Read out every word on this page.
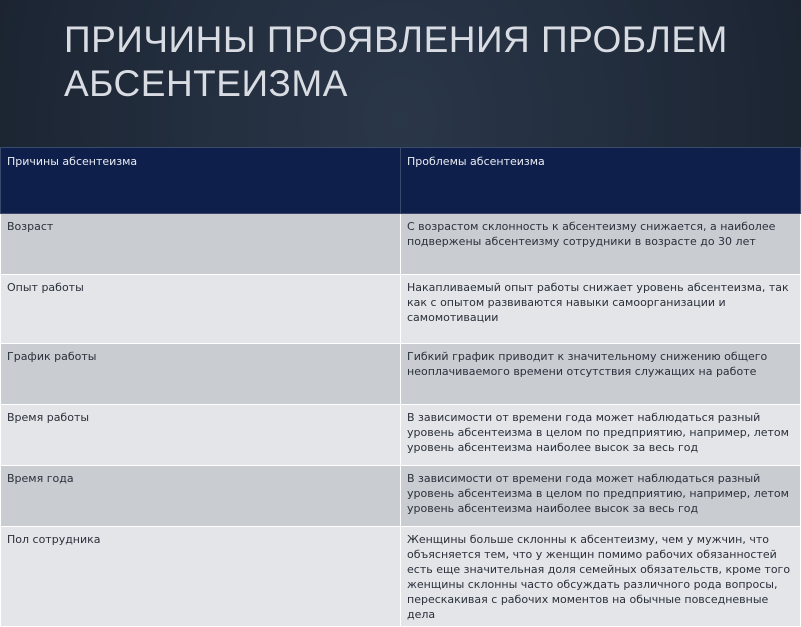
ПРИЧИНЫ ПРОЯВЛЕНИЯ ПРОБЛЕМ
АБСЕНТЕИЗМА
Причины абсентеизма	Проблемы абсентеизма
Возраст	С возрастом склонность к абсентеизму снижается, а наиболее подвержены абсентеизму сотрудники в возрасте до 30 лет
Опыт работы	Накапливаемый опыт работы снижает уровень абсентеизма, так как с опытом развиваются навыки самоорганизации и самомотивации
График работы	Гибкий график приводит к значительному снижению общего неоплачиваемого времени отсутствия служащих на работе
Время работы	В зависимости от времени года может наблюдаться разный уровень абсентеизма в целом по предприятию, например, летом уровень абсентеизма наиболее высок за весь год
Время года	В зависимости от времени года может наблюдаться разный уровень абсентеизма в целом по предприятию, например, летом уровень абсентеизма наиболее высок за весь год
Пол сотрудника	Женщины больше склонны к абсентеизму, чем у мужчин, что объясняется тем, что у женщин помимо рабочих обязанностей есть еще значительная доля семейных обязательств, кроме того женщины склонны часто обсуждать различного рода вопросы, перескакивая с рабочих моментов на обычные повседневные дела
